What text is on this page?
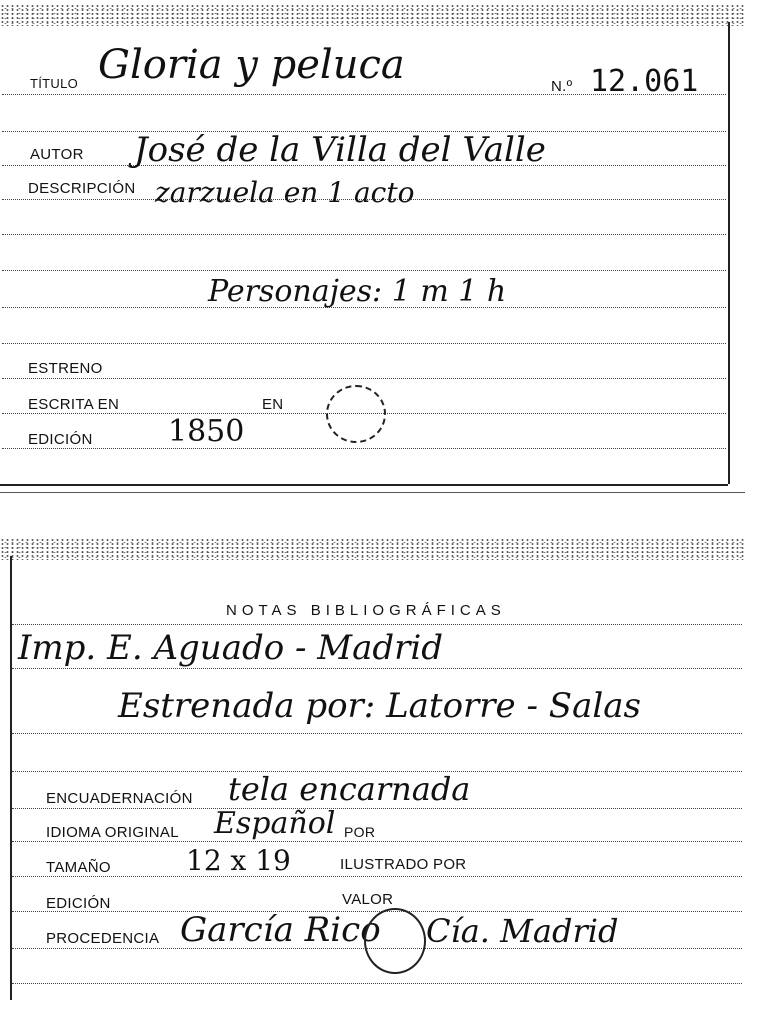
TÍTULO Gloria y peluca	N.º 12.061
AUTOR José de la Villa del Valle
DESCRIPCIÓN zarzuela en 1 acto
Personajes: 1 m 1 h
ESTRENO
ESCRITA EN	EN
EDICIÓN	1850
NOTAS BIBLIOGRÁFICAS
Imp. E. Aguado - Madrid
Estrenada por: Latorre - Salas
ENCUADERNACIÓN tela encarnada
IDIOMA ORIGINAL Español POR
TAMAÑO	12 x 19	ILUSTRADO POR
EDICIÓN	VALOR
PROCEDENCIA García Rico Cía. Madrid
